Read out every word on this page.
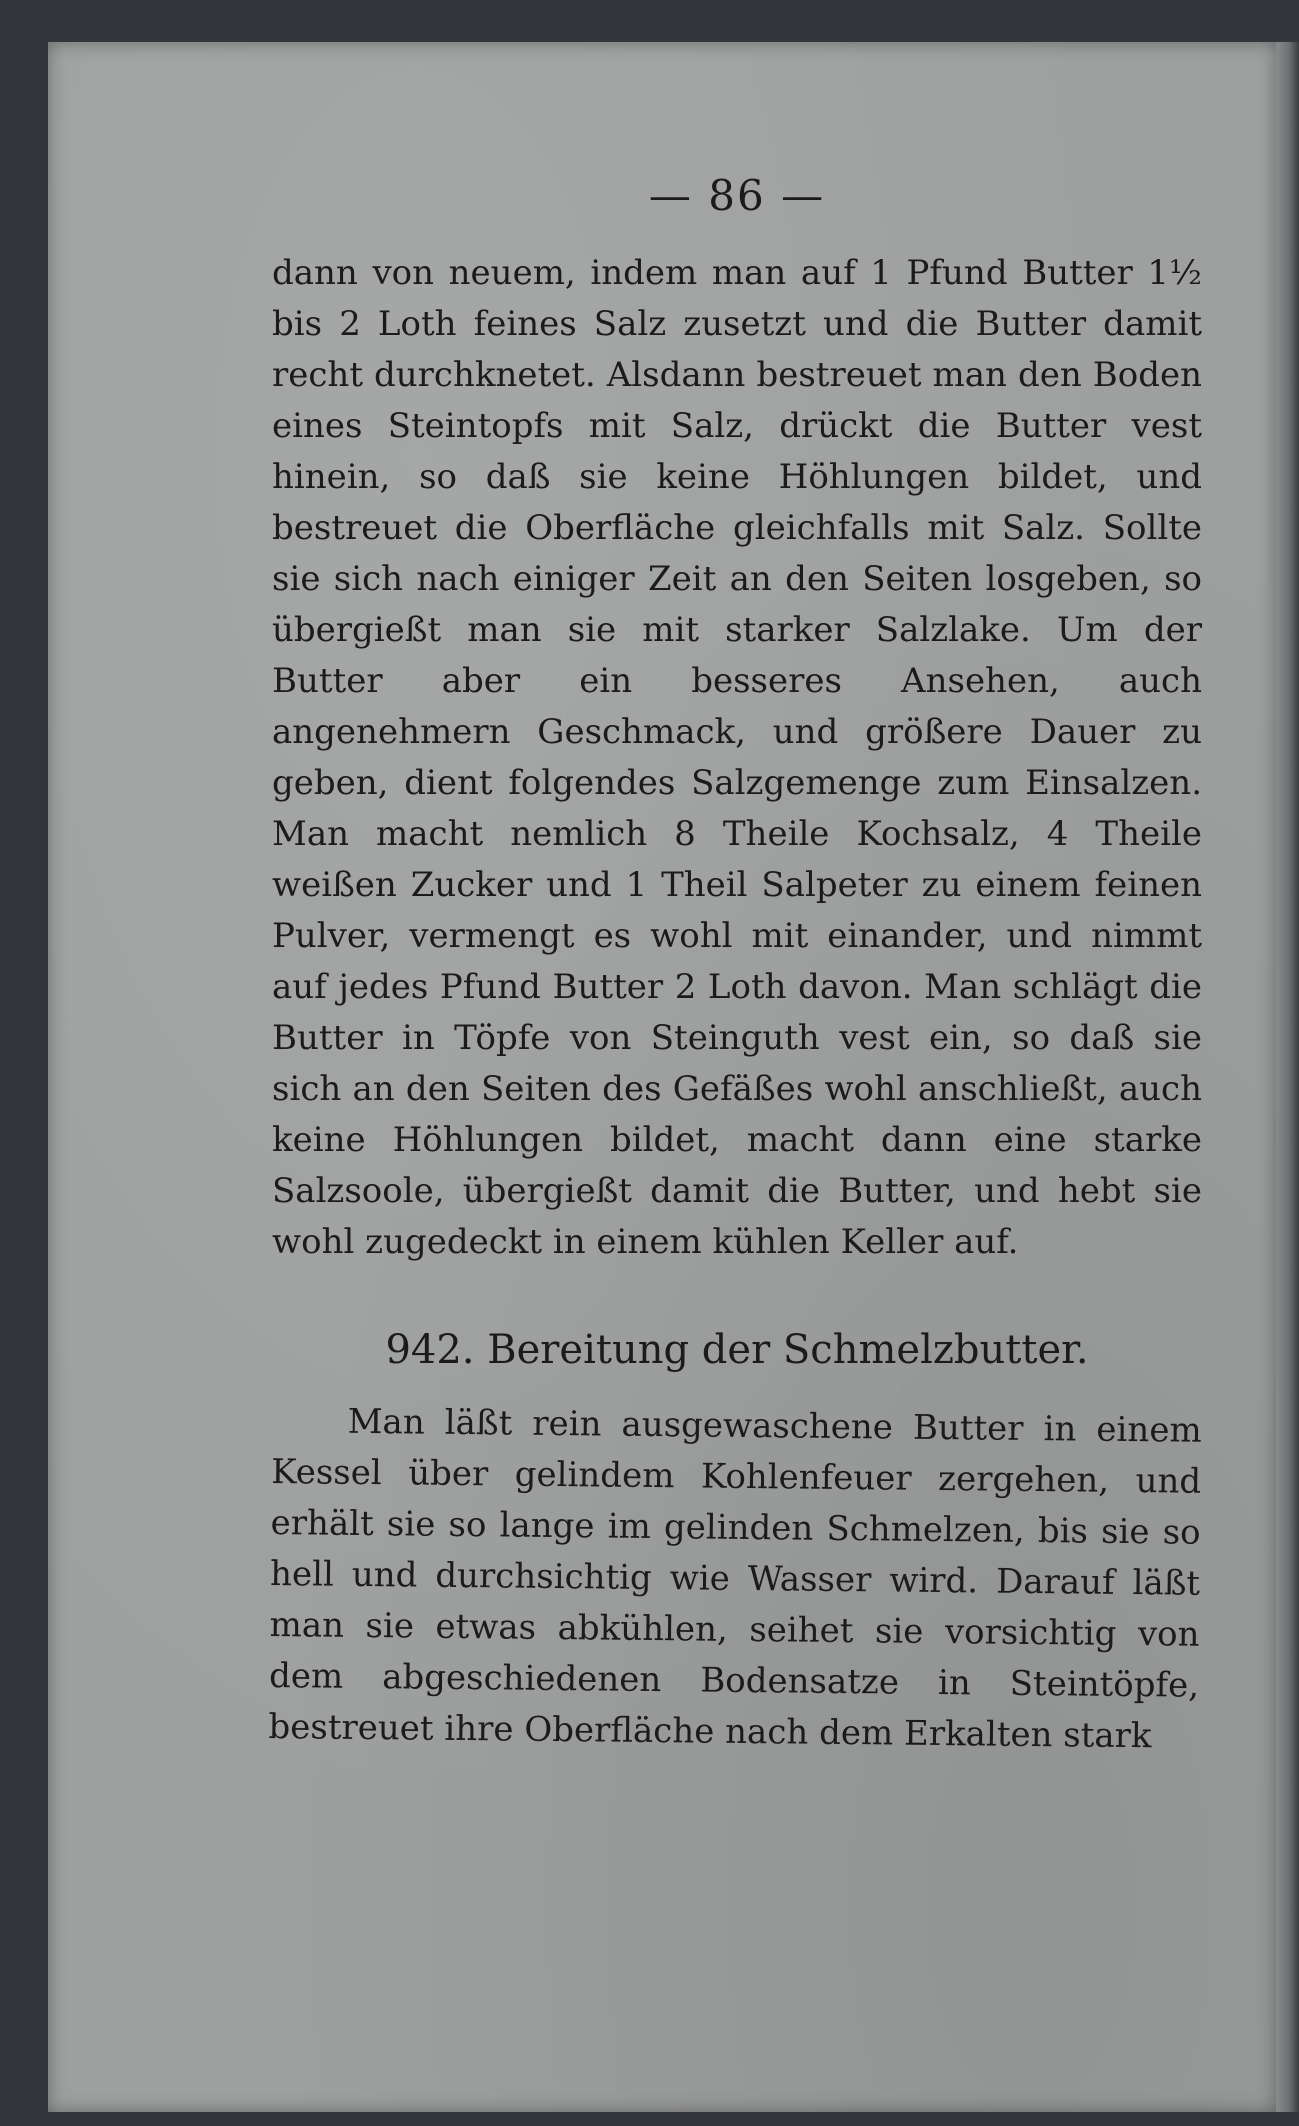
— 86 —

dann von neuem, indem man auf 1 Pfund Butter 1½ bis 2 Loth feines Salz zusetzt und die Butter damit recht durchknetet. Alsdann bestreuet man den Boden eines Steintopfs mit Salz, drückt die Butter vest hinein, so daß sie keine Höhlungen bildet, und bestreuet die Oberfläche gleichfalls mit Salz. Sollte sie sich nach einiger Zeit an den Seiten losgeben, so übergießt man sie mit starker Salzlake. Um der Butter aber ein besseres Ansehen, auch angenehmern Geschmack, und größere Dauer zu geben, dient folgendes Salzgemenge zum Einsalzen. Man macht nemlich 8 Theile Kochsalz, 4 Theile weißen Zucker und 1 Theil Salpeter zu einem feinen Pulver, vermengt es wohl mit einander, und nimmt auf jedes Pfund Butter 2 Loth davon. Man schlägt die Butter in Töpfe von Steinguth vest ein, so daß sie sich an den Seiten des Gefäßes wohl anschließt, auch keine Höhlungen bildet, macht dann eine starke Salzsoole, übergießt damit die Butter, und hebt sie wohl zugedeckt in einem kühlen Keller auf.

942. Bereitung der Schmelzbutter.

Man läßt rein ausgewaschene Butter in einem Kessel über gelindem Kohlenfeuer zergehen, und erhält sie so lange im gelinden Schmelzen, bis sie so hell und durchsichtig wie Wasser wird. Darauf läßt man sie etwas abkühlen, seihet sie vorsichtig von dem abgeschiedenen Bodensatze in Steintöpfe, bestreuet ihre Oberfläche nach dem Erkalten stark
